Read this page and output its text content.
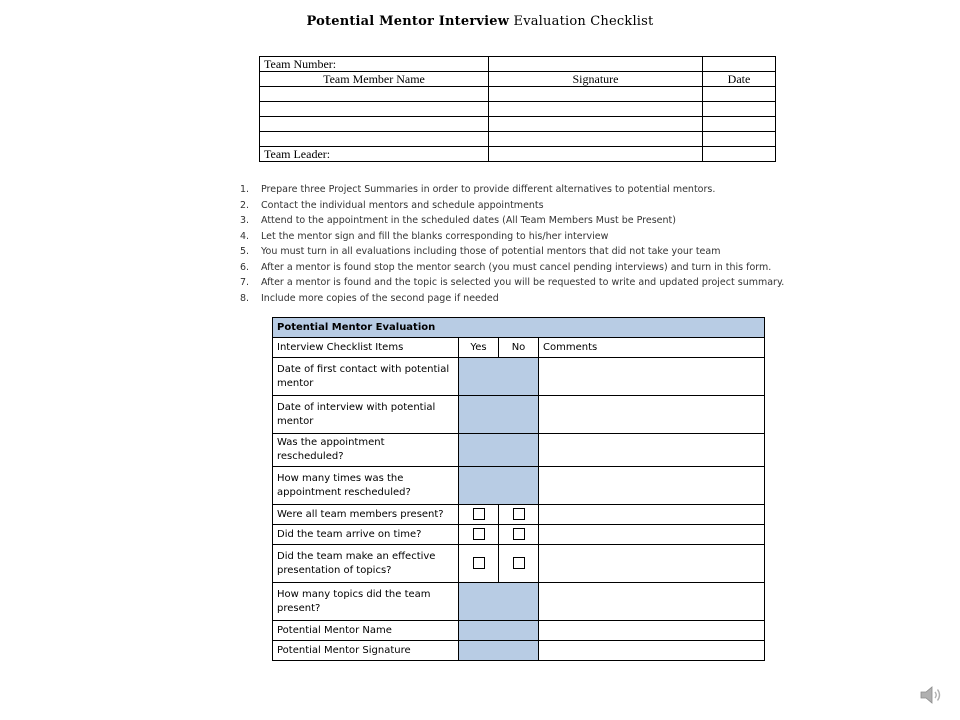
Potential Mentor Interview Evaluation Checklist
Team Number:		
Team Member Name	Signature	Date

Team Leader:		
1. Prepare three Project Summaries in order to provide different alternatives to potential mentors.
2. Contact the individual mentors and schedule appointments
3. Attend to the appointment in the scheduled dates (All Team Members Must be Present)
4. Let the mentor sign and fill the blanks corresponding to his/her interview
5. You must turn in all evaluations including those of potential mentors that did not take your team
6. After a mentor is found stop the mentor search (you must cancel pending interviews) and turn in this form.
7. After a mentor is found and the topic is selected you will be requested to write and updated project summary.
8. Include more copies of the second page if needed
Potential Mentor Evaluation			
Interview Checklist Items	Yes	No	Comments
Date of first contact with potential mentor			
Date of interview with potential mentor			
Was the appointment rescheduled?			
How many times was the appointment rescheduled?			
Were all team members present?			
Did the team arrive on time?			
Did the team make an effective presentation of topics?			
How many topics did the team present?			
Potential Mentor Name			
Potential Mentor Signature			
